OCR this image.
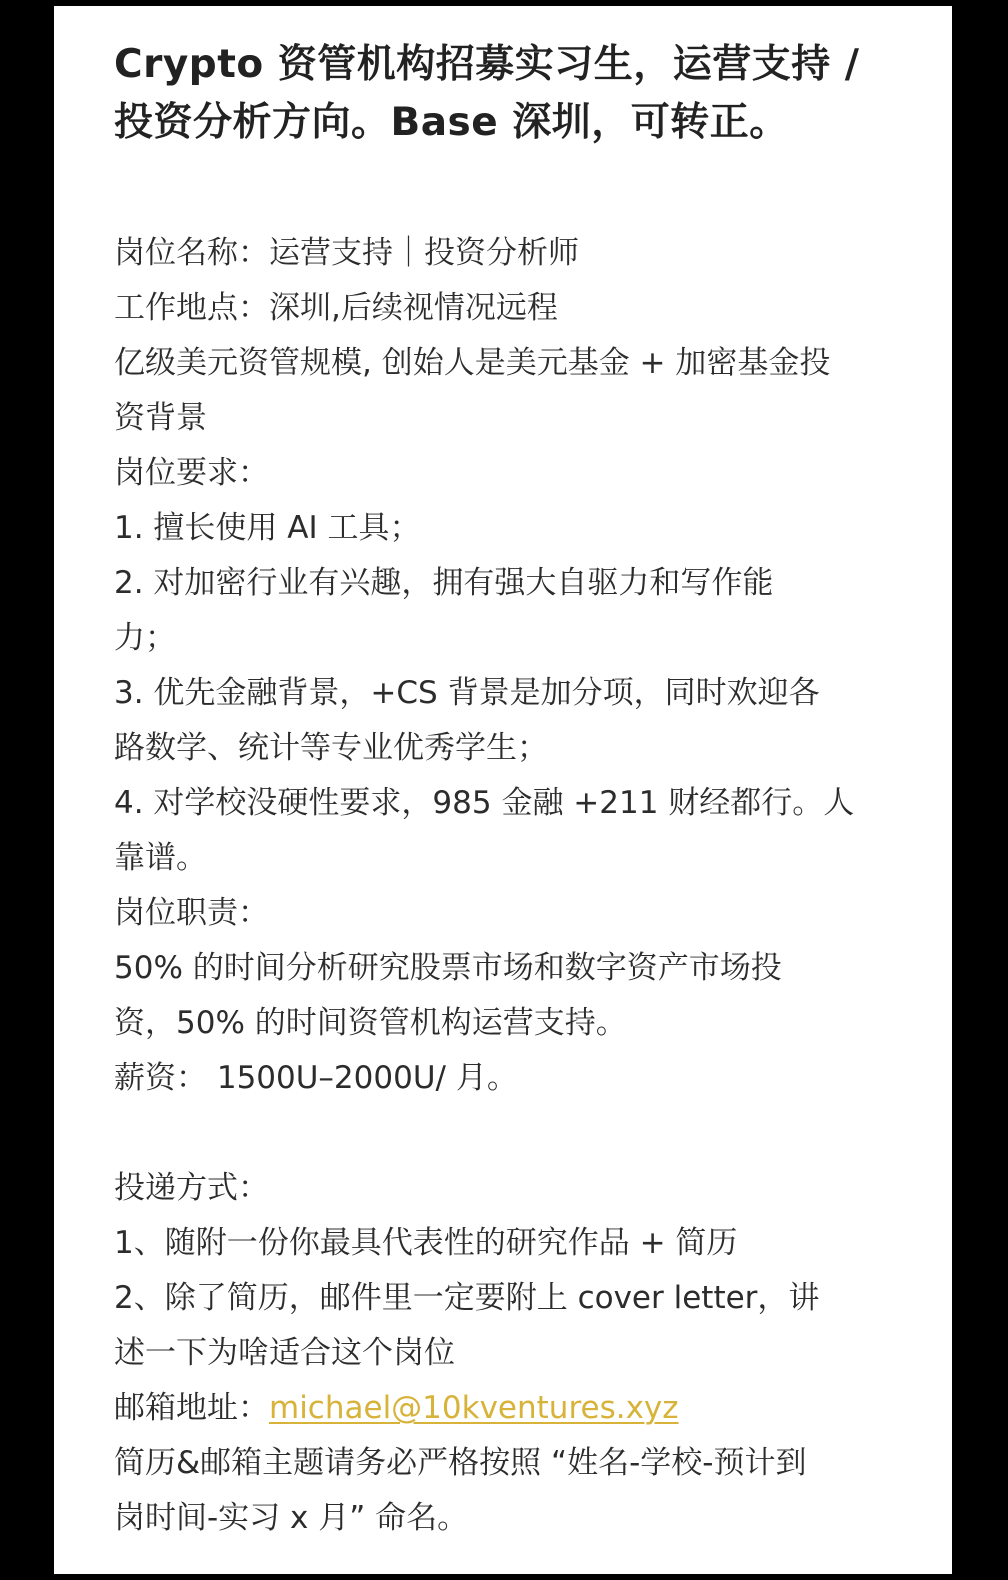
Crypto 资管机构招募实习生，运营支持 /
投资分析方向。Base 深圳，可转正。
岗位名称：运营支持｜投资分析师
工作地点：深圳,后续视情况远程
亿级美元资管规模, 创始人是美元基金 + 加密基金投
资背景
岗位要求：
1. 擅长使用 AI 工具；
2. 对加密行业有兴趣，拥有强大自驱力和写作能
力；
3. 优先金融背景，+CS 背景是加分项，同时欢迎各
路数学、统计等专业优秀学生；
4. 对学校没硬性要求，985 金融 +211 财经都行。人
靠谱。
岗位职责：
50% 的时间分析研究股票市场和数字资产市场投
资，50% 的时间资管机构运营支持。
薪资： 1500U–2000U/ 月。
投递方式：
1、随附一份你最具代表性的研究作品 + 简历
2、除了简历，邮件里一定要附上 cover letter，讲
述一下为啥适合这个岗位
邮箱地址：michael@10kventures.xyz
简历&邮箱主题请务必严格按照 “姓名-学校-预计到
岗时间-实习 x 月” 命名。
